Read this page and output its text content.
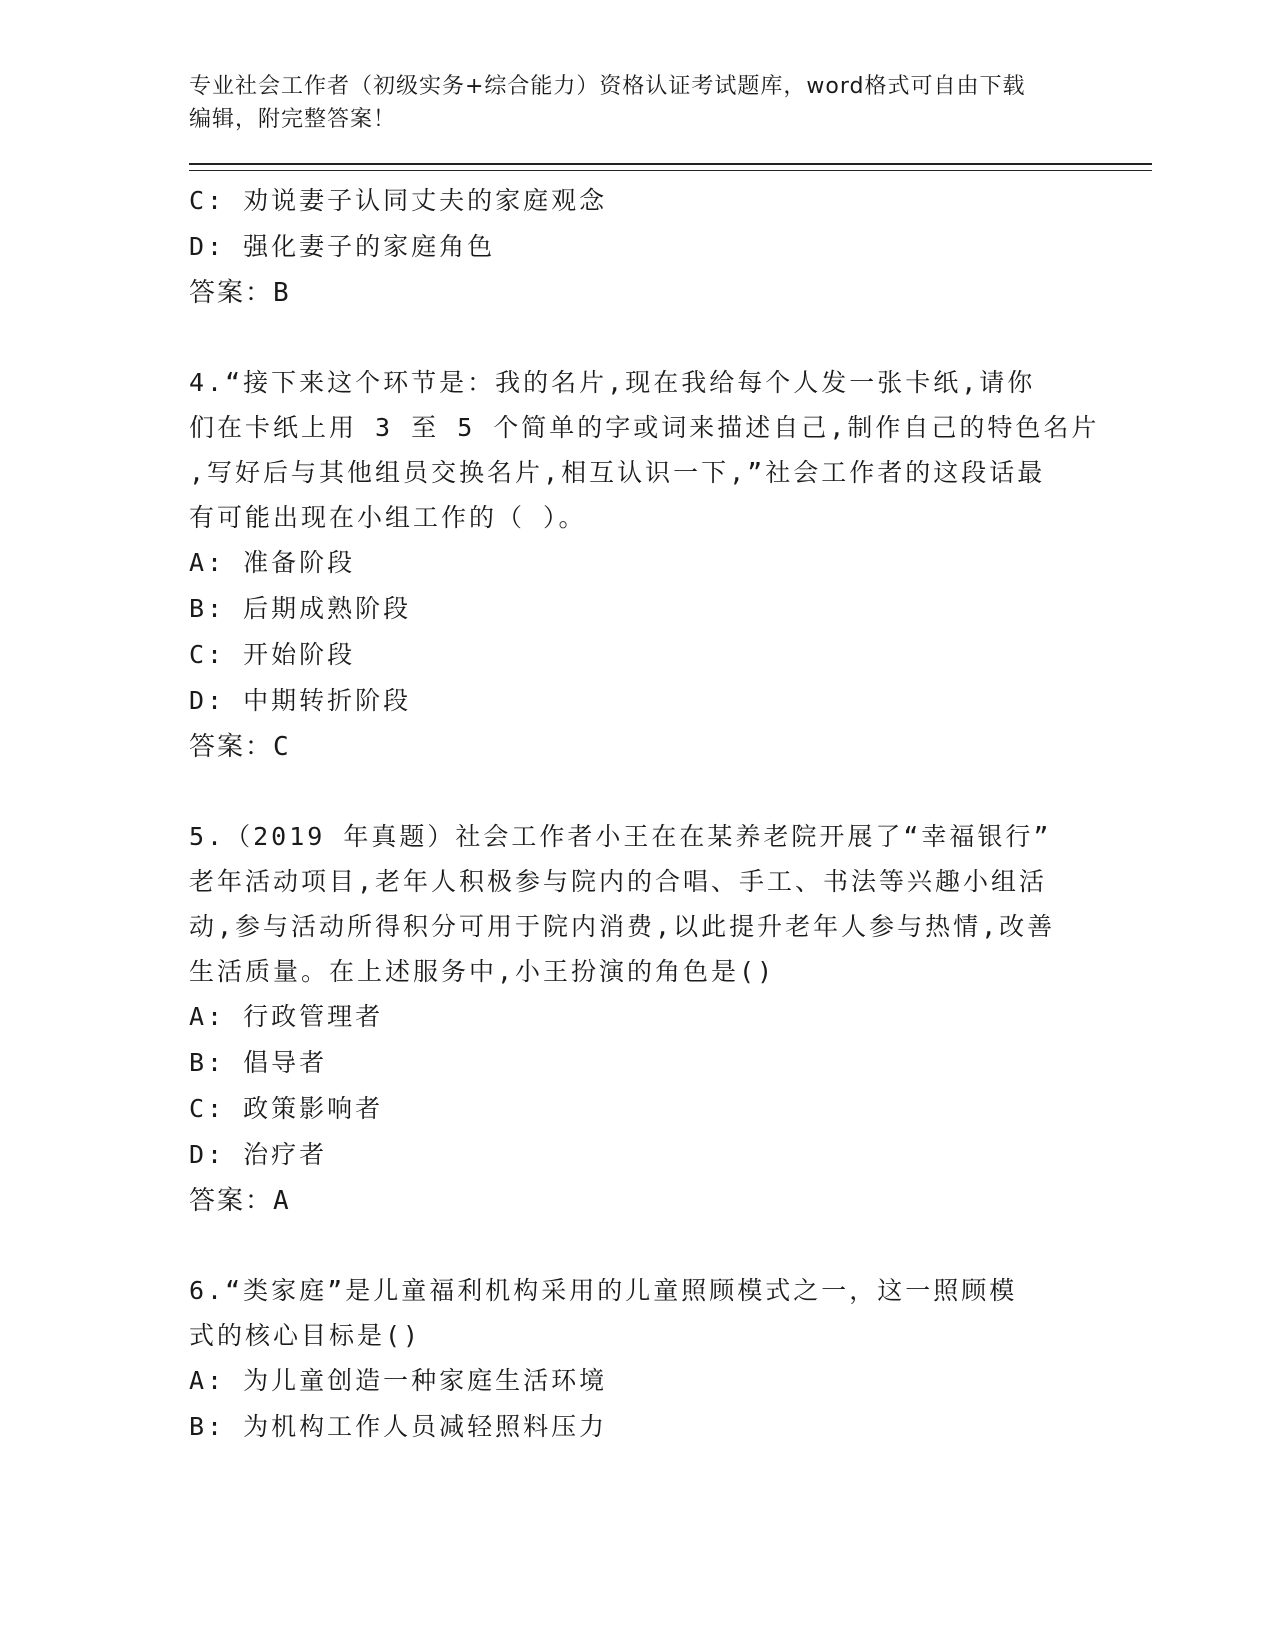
专业社会工作者（初级实务+综合能力）资格认证考试题库，word格式可自由下载
编辑，附完整答案！

C: 劝说妻子认同丈夫的家庭观念
D: 强化妻子的家庭角色
答案：B
4.“接下来这个环节是：我的名片,现在我给每个人发一张卡纸,请你
们在卡纸上用 3 至 5 个简单的字或词来描述自己,制作自己的特色名片
,写好后与其他组员交换名片,相互认识一下,”社会工作者的这段话最
有可能出现在小组工作的（ ）。
A: 准备阶段
B: 后期成熟阶段
C: 开始阶段
D: 中期转折阶段
答案：C
5.（2019 年真题）社会工作者小王在在某养老院开展了“幸福银行”
老年活动项目,老年人积极参与院内的合唱、手工、书法等兴趣小组活
动,参与活动所得积分可用于院内消费,以此提升老年人参与热情,改善
生活质量。在上述服务中,小王扮演的角色是()
A: 行政管理者
B: 倡导者
C: 政策影响者
D: 治疗者
答案：A
6.“类家庭”是儿童福利机构采用的儿童照顾模式之一，这一照顾模
式的核心目标是()
A: 为儿童创造一种家庭生活环境
B: 为机构工作人员减轻照料压力
